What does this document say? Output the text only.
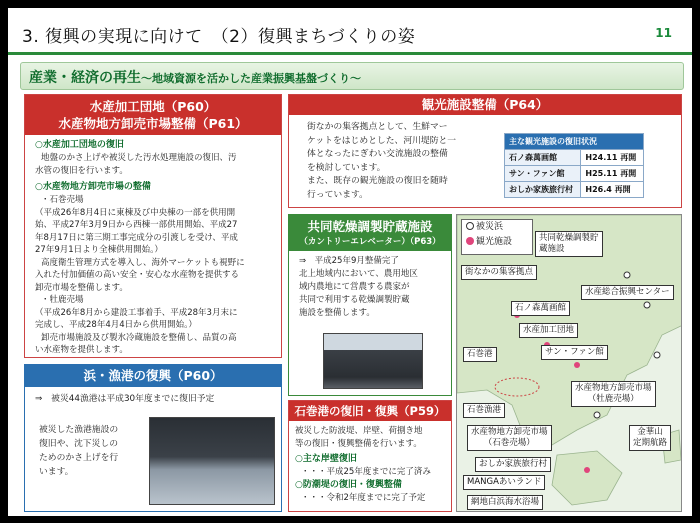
3. 復興の実現に向けて　（2）復興まちづくりの姿	11
産業・経済の再生～地域資源を活かした産業振興基盤づくり～
水産加工団地（P60）
水産物地方卸売市場整備（P61）
○水産加工団地の復旧
地盤のかさ上げや被災した汚水処理施設の復旧、汚
水管の復旧を行います。
○水産物地方卸売市場の整備
・石巻売場
（平成26年8月4日に東棟及び中央棟の一部を供用開
始、平成27年3月9日から西棟一部供用開始、平成27
年8月17日に第三期工事完成分の引渡しを受け、平成
27年9月1日より全棟供用開始。）
高度衛生管理方式を導入し、海外マーケットも視野に
入れた付加価値の高い安全・安心な水産物を提供する
卸売市場を整備します。
・牡鹿売場
（平成26年8月から建設工事着手、平成28年3月末に
完成し、平成28年4月4日から供用開始。）
卸売市場施設及び製氷冷蔵施設を整備し、品質の高
い水産物を提供します。
観光施設整備（P64）
街なかの集客拠点として、生鮮マー
ケットをはじめとした、河川堤防と一
体となったにぎわい交流施設の整備
を検討しています。
また、既存の観光施設の復旧を随時
行っています。
主な観光施設の復旧状況	
石ノ森萬画館	H24.11 再開
サン・ファン館	H25.11 再開
おしか家族旅行村	H26.4 再開
共同乾燥調製貯蔵施設
（カントリーエレベーター）（P63）
⇒　平成25年9月整備完了
北上地域内において、農用地区
域内農地にて営農する農家が
共同で利用する乾燥調製貯蔵
施設を整備します。
浜・漁港の復興（P60）
⇒　被災44漁港は平成30年度までに復旧予定
被災した漁港施設の
復旧や、沈下災しの
ためのかさ上げを行
います。
石巻港の復旧・復興（P59）
被災した防波堤、岸壁、荷捌き地
等の復旧・復興整備を行います。
○主な岸壁復旧
・・・平成25年度までに完了済み
○防潮堤の復旧・復興整備
・・・令和2年度までに完了予定
被災浜
観光施設	共同乾燥調製貯
蔵施設
街なかの集客拠点
水産総合振興センター
石ノ森萬画館
水産加工団地
サン・ファン館
石巻港
石巻漁港
水産物地方卸売市場
（牡鹿売場）
水産物地方卸売市場
（石巻売場）
金華山
定期航路
おしか家族旅行村
MANGAあいランド
網地白浜海水浴場
